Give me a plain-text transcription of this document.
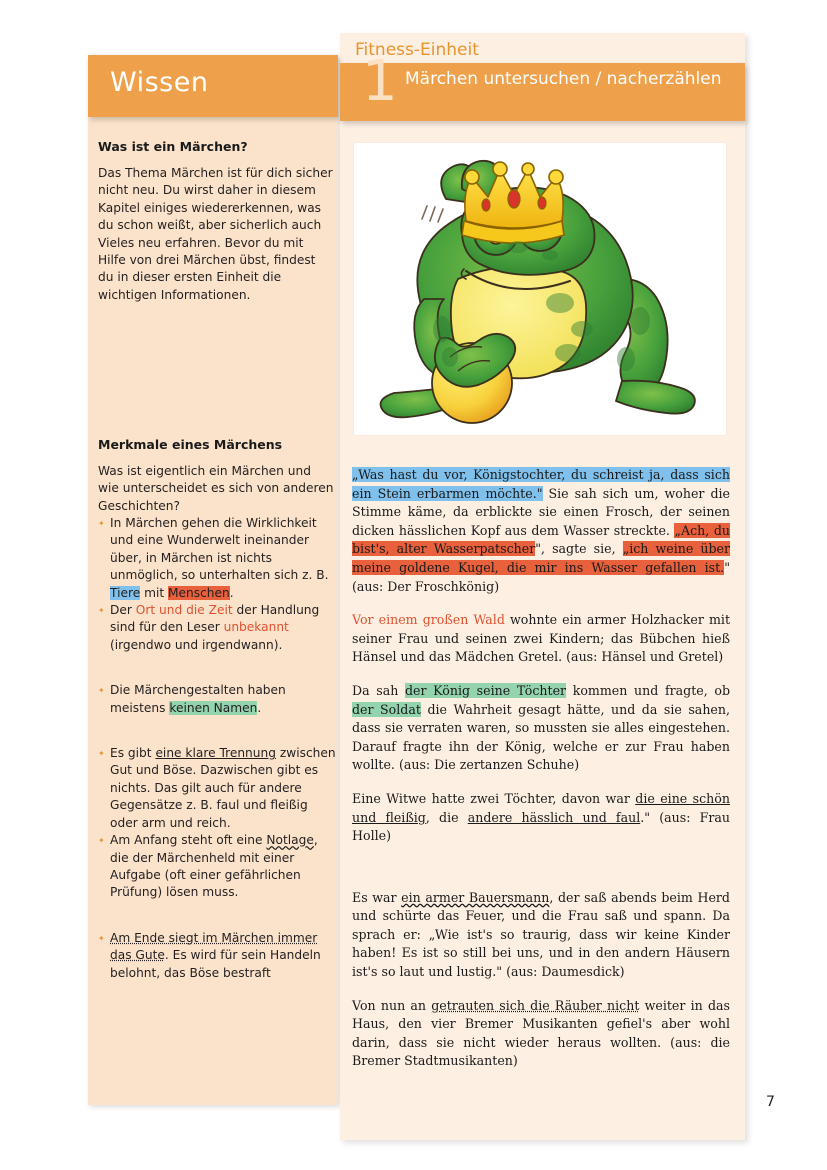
Wissen
Was ist ein Märchen?
Das Thema Märchen ist für dich sicher nicht neu. Du wirst daher in diesem Kapitel einiges wiedererkennen, was du schon weißt, aber sicherlich auch Vieles neu erfahren. Bevor du mit Hilfe von drei Märchen übst, findest du in dieser ersten Einheit die wichtigen Informationen.
Merkmale eines Märchens
Was ist eigentlich ein Märchen und wie unterscheidet es sich von anderen Geschichten?
✦ In Märchen gehen die Wirklichkeit und eine Wunderwelt ineinander über, in Märchen ist nichts unmöglich, so unterhalten sich z. B. Tiere mit Menschen.
✦ Der Ort und die Zeit der Handlung sind für den Leser unbekannt (irgendwo und irgendwann).
✦ Die Märchengestalten haben meistens keinen Namen.
✦ Es gibt eine klare Trennung zwischen Gut und Böse. Dazwischen gibt es nichts. Das gilt auch für andere Gegensätze z. B. faul und fleißig oder arm und reich.
✦ Am Anfang steht oft eine Notlage, die der Märchenheld mit einer Aufgabe (oft einer gefährlichen Prüfung) lösen muss.
✦ Am Ende siegt im Märchen immer das Gute. Es wird für sein Handeln belohnt, das Böse bestraft
Fitness-Einheit
1 Märchen untersuchen / nacherzählen

„Was hast du vor, Königstochter, du schreist ja, dass sich ein Stein erbarmen möchte." Sie sah sich um, woher die Stimme käme, da erblickte sie einen Frosch, der seinen dicken hässlichen Kopf aus dem Wasser streckte. „Ach, du bist's, alter Wasserpatscher", sagte sie, „ich weine über meine goldene Kugel, die mir ins Wasser gefallen ist." (aus: Der Froschkönig)

Vor einem großen Wald wohnte ein armer Holzhacker mit seiner Frau und seinen zwei Kindern; das Bübchen hieß Hänsel und das Mädchen Gretel. (aus: Hänsel und Gretel)

Da sah der König seine Töchter kommen und fragte, ob der Soldat die Wahrheit gesagt hätte, und da sie sahen, dass sie verraten waren, so mussten sie alles eingestehen. Darauf fragte ihn der König, welche er zur Frau haben wollte. (aus: Die zertanzen Schuhe)

Eine Witwe hatte zwei Töchter, davon war die eine schön und fleißig, die andere hässlich und faul." (aus: Frau Holle)

Es war ein armer Bauersmann, der saß abends beim Herd und schürte das Feuer, und die Frau saß und spann. Da sprach er: „Wie ist's so traurig, dass wir keine Kinder haben! Es ist so still bei uns, und in den andern Häusern ist's so laut und lustig." (aus: Daumesdick)

Von nun an getrauten sich die Räuber nicht weiter in das Haus, den vier Bremer Musikanten gefiel's aber wohl darin, dass sie nicht wieder heraus wollten. (aus: die Bremer Stadtmusikanten)

7
